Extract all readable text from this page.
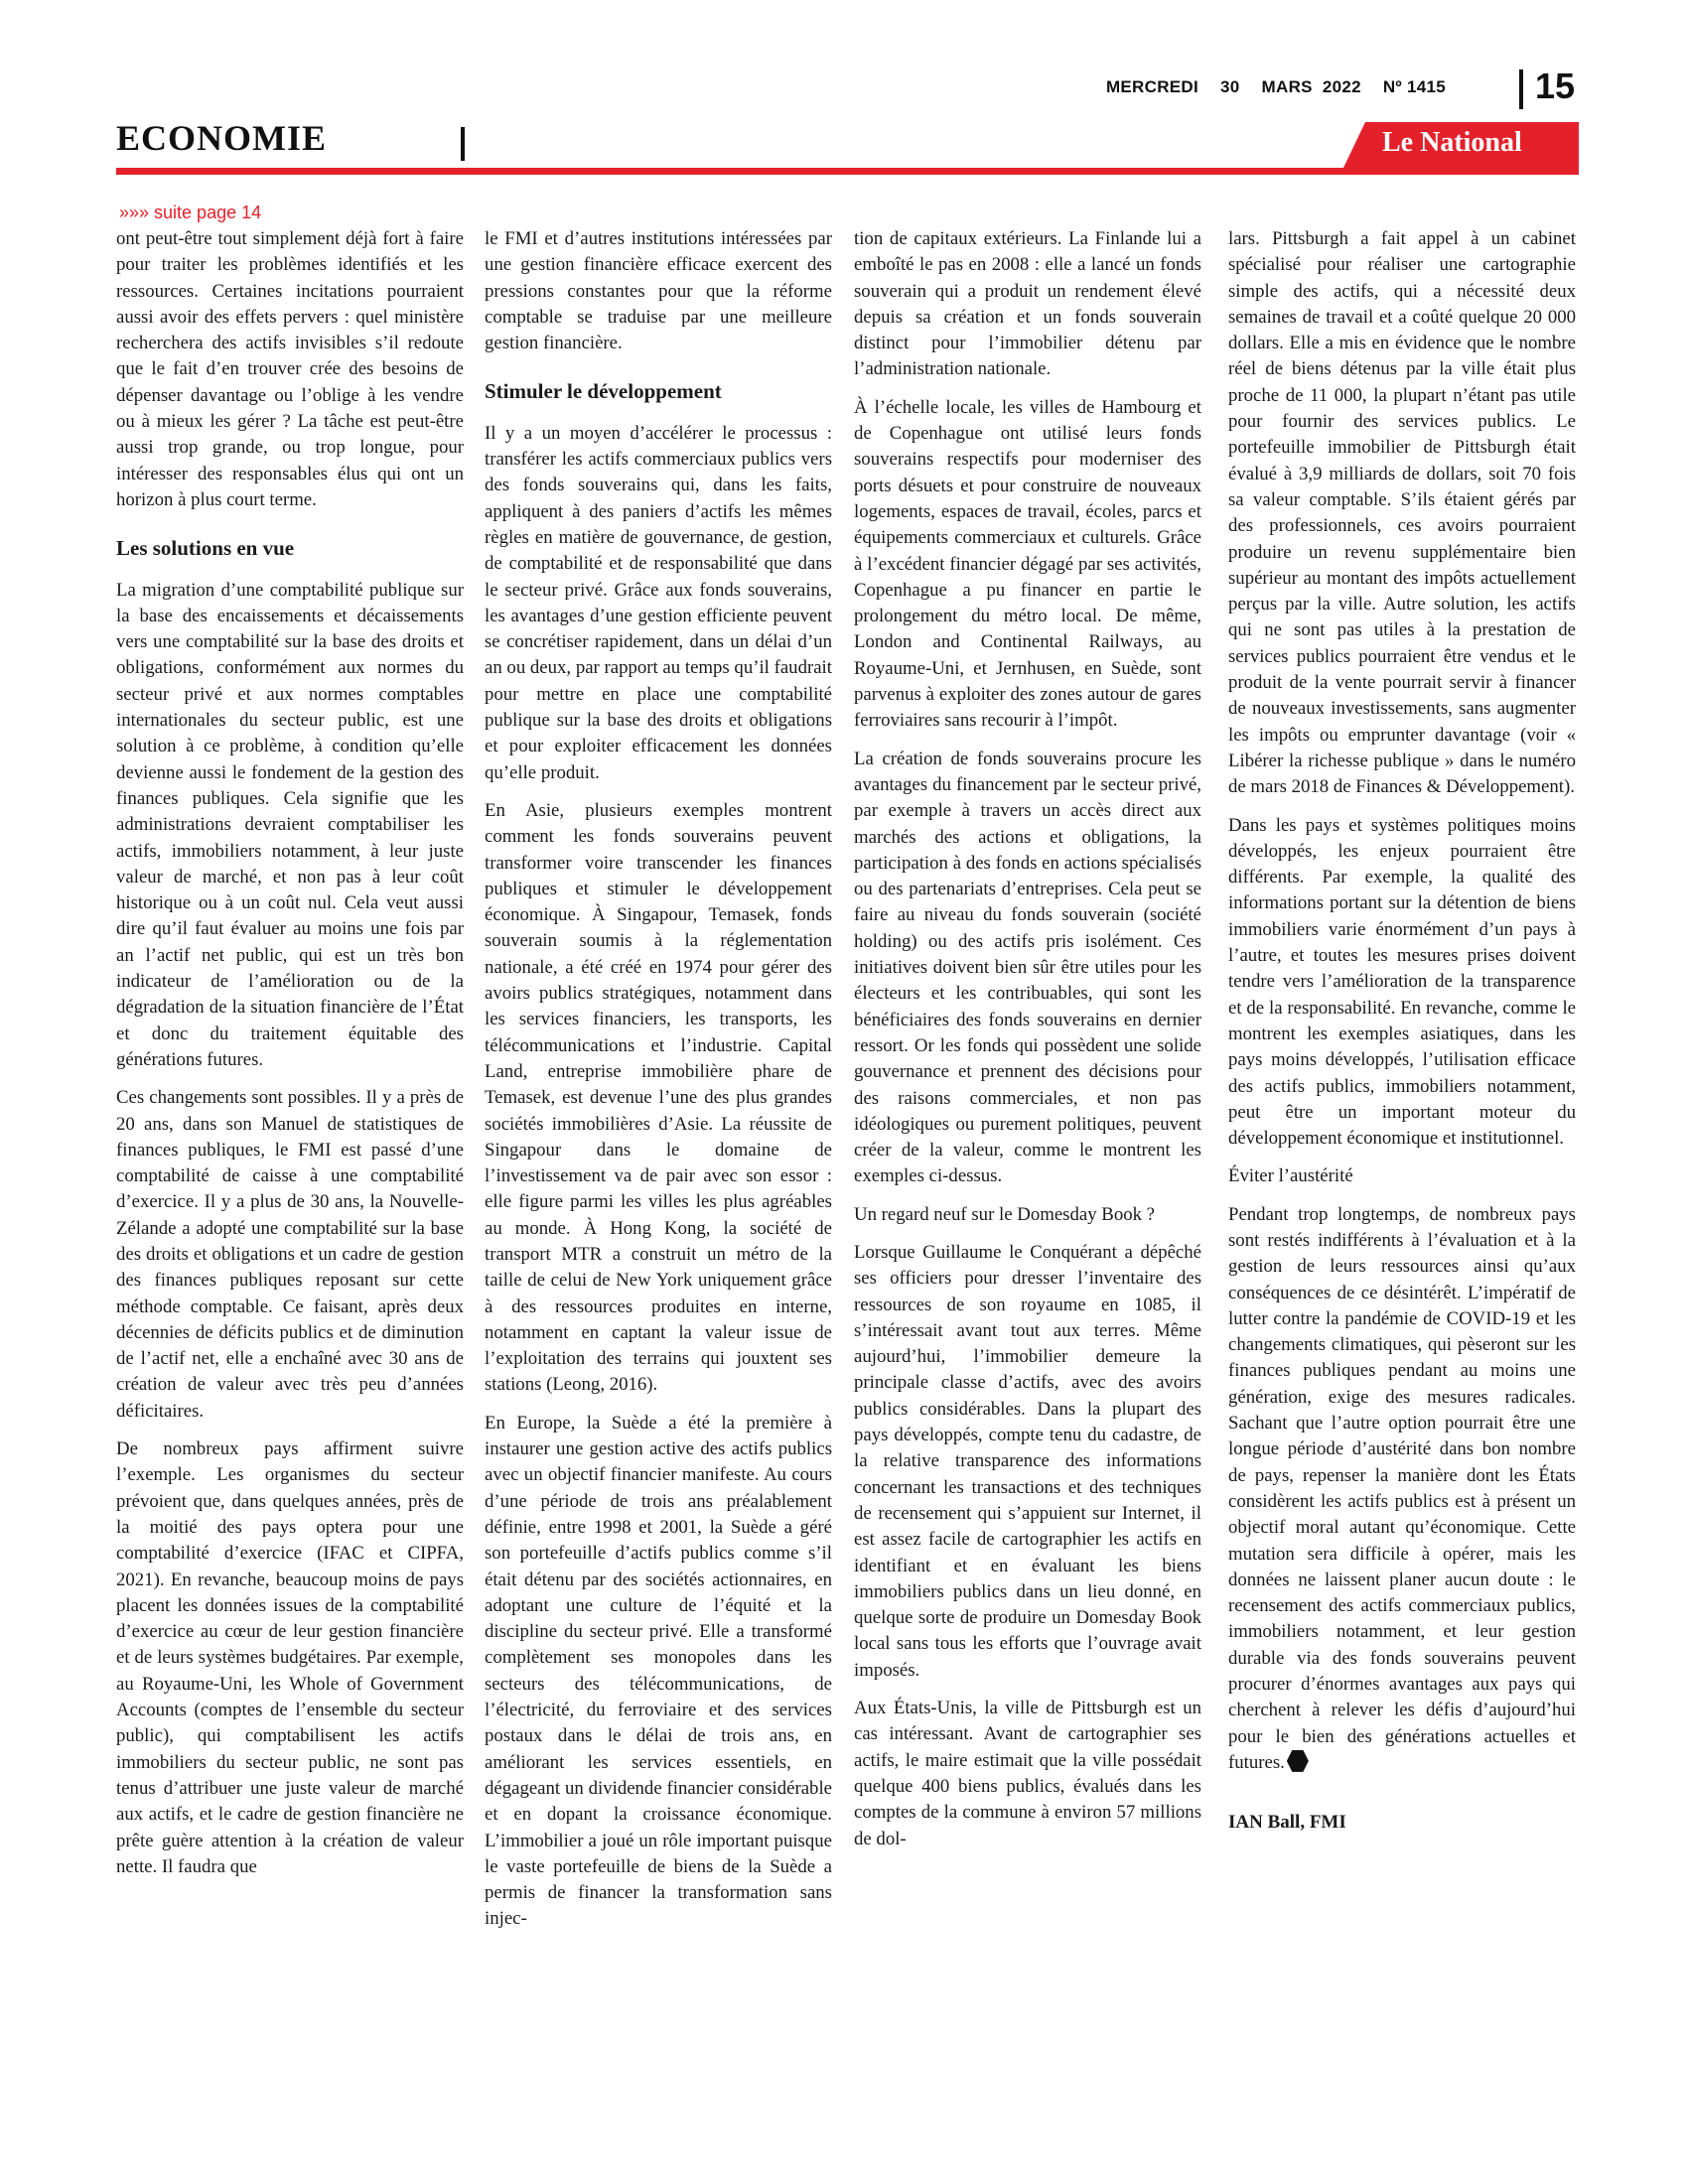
MERCREDI 30 MARS  2022 Nº 1415	15
ECONOMIE	Le National
»»» suite page 14

ont peut-être tout simplement déjà fort à faire pour traiter les problèmes identifiés et les ressources. Certaines incitations pourraient aussi avoir des effets pervers : quel ministère recherchera des actifs invisibles s’il redoute que le fait d’en trouver crée des besoins de dépenser davantage ou l’oblige à les vendre ou à mieux les gérer ? La tâche est peut-être aussi trop grande, ou trop longue, pour intéresser des responsables élus qui ont un horizon à plus court terme.

Les solutions en vue

La migration d’une comptabilité publique sur la base des encaissements et décaissements vers une comptabilité sur la base des droits et obligations, conformément aux normes du secteur privé et aux normes comptables internationales du secteur public, est une solution à ce problème, à condition qu’elle devienne aussi le fondement de la gestion des finances publiques. Cela signifie que les administrations devraient comptabiliser les actifs, immobiliers notamment, à leur juste valeur de marché, et non pas à leur coût historique ou à un coût nul. Cela veut aussi dire qu’il faut évaluer au moins une fois par an l’actif net public, qui est un très bon indicateur de l’amélioration ou de la dégradation de la situation financière de l’État et donc du traitement équitable des générations futures.

Ces changements sont possibles. Il y a près de 20 ans, dans son Manuel de statistiques de finances publiques, le FMI est passé d’une comptabilité de caisse à une comptabilité d’exercice. Il y a plus de 30 ans, la Nouvelle-Zélande a adopté une comptabilité sur la base des droits et obligations et un cadre de gestion des finances publiques reposant sur cette méthode comptable. Ce faisant, après deux décennies de déficits publics et de diminution de l’actif net, elle a enchaîné avec 30 ans de création de valeur avec très peu d’années déficitaires.

De nombreux pays affirment suivre l’exemple. Les organismes du secteur prévoient que, dans quelques années, près de la moitié des pays optera pour une comptabilité d’exercice (IFAC et CIPFA, 2021). En revanche, beaucoup moins de pays placent les données issues de la comptabilité d’exercice au cœur de leur gestion financière et de leurs systèmes budgétaires. Par exemple, au Royaume-Uni, les Whole of Government Accounts (comptes de l’ensemble du secteur public), qui comptabilisent les actifs immobiliers du secteur public, ne sont pas tenus d’attribuer une juste valeur de marché aux actifs, et le cadre de gestion financière ne prête guère attention à la création de valeur nette. Il faudra que

le FMI et d’autres institutions intéressées par une gestion financière efficace exercent des pressions constantes pour que la réforme comptable se traduise par une meilleure gestion financière.

Stimuler le développement

Il y a un moyen d’accélérer le processus : transférer les actifs commerciaux publics vers des fonds souverains qui, dans les faits, appliquent à des paniers d’actifs les mêmes règles en matière de gouvernance, de gestion, de comptabilité et de responsabilité que dans le secteur privé. Grâce aux fonds souverains, les avantages d’une gestion efficiente peuvent se concrétiser rapidement, dans un délai d’un an ou deux, par rapport au temps qu’il faudrait pour mettre en place une comptabilité publique sur la base des droits et obligations et pour exploiter efficacement les données qu’elle produit.

En Asie, plusieurs exemples montrent comment les fonds souverains peuvent transformer voire transcender les finances publiques et stimuler le développement économique. À Singapour, Temasek, fonds souverain soumis à la réglementation nationale, a été créé en 1974 pour gérer des avoirs publics stratégiques, notamment dans les services financiers, les transports, les télécommunications et l’industrie. Capital Land, entreprise immobilière phare de Temasek, est devenue l’une des plus grandes sociétés immobilières d’Asie. La réussite de Singapour dans le domaine de l’investissement va de pair avec son essor : elle figure parmi les villes les plus agréables au monde. À Hong Kong, la société de transport MTR a construit un métro de la taille de celui de New York uniquement grâce à des ressources produites en interne, notamment en captant la valeur issue de l’exploitation des terrains qui jouxtent ses stations (Leong, 2016).

En Europe, la Suède a été la première à instaurer une gestion active des actifs publics avec un objectif financier manifeste. Au cours d’une période de trois ans préalablement définie, entre 1998 et 2001, la Suède a géré son portefeuille d’actifs publics comme s’il était détenu par des sociétés actionnaires, en adoptant une culture de l’équité et la discipline du secteur privé. Elle a transformé complètement ses monopoles dans les secteurs des télécommunications, de l’électricité, du ferroviaire et des services postaux dans le délai de trois ans, en améliorant les services essentiels, en dégageant un dividende financier considérable et en dopant la croissance économique. L’immobilier a joué un rôle important puisque le vaste portefeuille de biens de la Suède a permis de financer la transformation sans injec-

tion de capitaux extérieurs. La Finlande lui a emboîté le pas en 2008 : elle a lancé un fonds souverain qui a produit un rendement élevé depuis sa création et un fonds souverain distinct pour l’immobilier détenu par l’administration nationale.

À l’échelle locale, les villes de Hambourg et de Copenhague ont utilisé leurs fonds souverains respectifs pour moderniser des ports désuets et pour construire de nouveaux logements, espaces de travail, écoles, parcs et équipements commerciaux et culturels. Grâce à l’excédent financier dégagé par ses activités, Copenhague a pu financer en partie le prolongement du métro local. De même, London and Continental Railways, au Royaume-Uni, et Jernhusen, en Suède, sont parvenus à exploiter des zones autour de gares ferroviaires sans recourir à l’impôt.

La création de fonds souverains procure les avantages du financement par le secteur privé, par exemple à travers un accès direct aux marchés des actions et obligations, la participation à des fonds en actions spécialisés ou des partenariats d’entreprises. Cela peut se faire au niveau du fonds souverain (société holding) ou des actifs pris isolément. Ces initiatives doivent bien sûr être utiles pour les électeurs et les contribuables, qui sont les bénéficiaires des fonds souverains en dernier ressort. Or les fonds qui possèdent une solide gouvernance et prennent des décisions pour des raisons commerciales, et non pas idéologiques ou purement politiques, peuvent créer de la valeur, comme le montrent les exemples ci-dessus.

Un regard neuf sur le Domesday Book ?

Lorsque Guillaume le Conquérant a dépêché ses officiers pour dresser l’inventaire des ressources de son royaume en 1085, il s’intéressait avant tout aux terres. Même aujourd’hui, l’immobilier demeure la principale classe d’actifs, avec des avoirs publics considérables. Dans la plupart des pays développés, compte tenu du cadastre, de la relative transparence des informations concernant les transactions et des techniques de recensement qui s’appuient sur Internet, il est assez facile de cartographier les actifs en identifiant et en évaluant les biens immobiliers publics dans un lieu donné, en quelque sorte de produire un Domesday Book local sans tous les efforts que l’ouvrage avait imposés.

Aux États-Unis, la ville de Pittsburgh est un cas intéressant. Avant de cartographier ses actifs, le maire estimait que la ville possédait quelque 400 biens publics, évalués dans les comptes de la commune à environ 57 millions de dol-

lars. Pittsburgh a fait appel à un cabinet spécialisé pour réaliser une cartographie simple des actifs, qui a nécessité deux semaines de travail et a coûté quelque 20 000 dollars. Elle a mis en évidence que le nombre réel de biens détenus par la ville était plus proche de 11 000, la plupart n’étant pas utile pour fournir des services publics. Le portefeuille immobilier de Pittsburgh était évalué à 3,9 milliards de dollars, soit 70 fois sa valeur comptable. S’ils étaient gérés par des professionnels, ces avoirs pourraient produire un revenu supplémentaire bien supérieur au montant des impôts actuellement perçus par la ville. Autre solution, les actifs qui ne sont pas utiles à la prestation de services publics pourraient être vendus et le produit de la vente pourrait servir à financer de nouveaux investissements, sans augmenter les impôts ou emprunter davantage (voir « Libérer la richesse publique » dans le numéro de mars 2018 de Finances & Développement).

Dans les pays et systèmes politiques moins développés, les enjeux pourraient être différents. Par exemple, la qualité des informations portant sur la détention de biens immobiliers varie énormément d’un pays à l’autre, et toutes les mesures prises doivent tendre vers l’amélioration de la transparence et de la responsabilité. En revanche, comme le montrent les exemples asiatiques, dans les pays moins développés, l’utilisation efficace des actifs publics, immobiliers notamment, peut être un important moteur du développement économique et institutionnel.

Éviter l’austérité

Pendant trop longtemps, de nombreux pays sont restés indifférents à l’évaluation et à la gestion de leurs ressources ainsi qu’aux conséquences de ce désintérêt. L’impératif de lutter contre la pandémie de COVID-19 et les changements climatiques, qui pèseront sur les finances publiques pendant au moins une génération, exige des mesures radicales. Sachant que l’autre option pourrait être une longue période d’austérité dans bon nombre de pays, repenser la manière dont les États considèrent les actifs publics est à présent un objectif moral autant qu’économique. Cette mutation sera difficile à opérer, mais les données ne laissent planer aucun doute : le recensement des actifs commerciaux publics, immobiliers notamment, et leur gestion durable via des fonds souverains peuvent procurer d’énormes avantages aux pays qui cherchent à relever les défis d’aujourd’hui pour le bien des générations actuelles et futures.

IAN Ball, FMI
